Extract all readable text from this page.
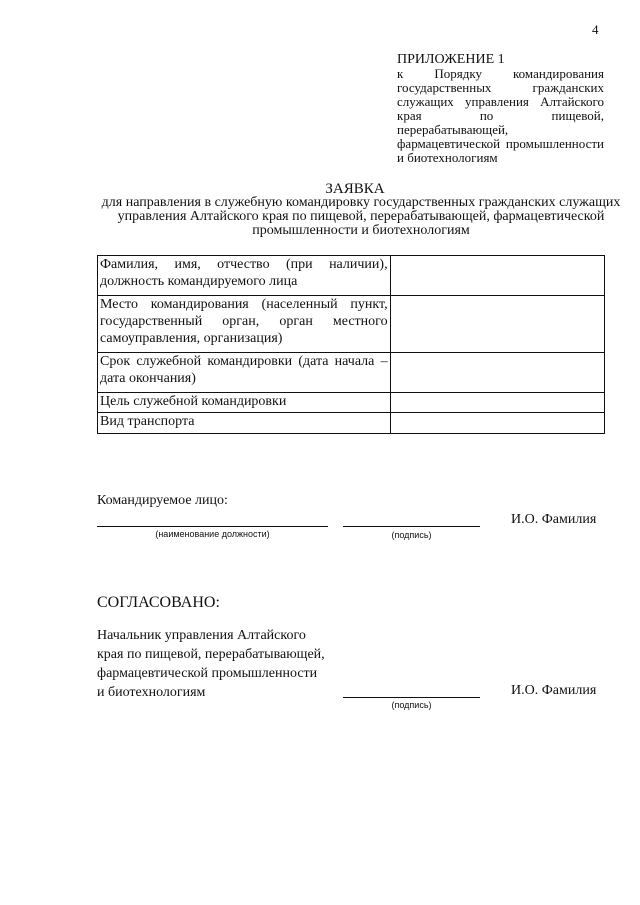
4
ПРИЛОЖЕНИЕ 1
к Порядку командирования государственных гражданских служащих управления Алтайского края по пищевой, перерабатывающей, фармацевтической промышленности и биотехнологиям
ЗАЯВКА
для направления в служебную командировку государственных гражданских служащих управления Алтайского края по пищевой, перерабатывающей, фармацевтической промышленности и биотехнологиям
Фамилия, имя, отчество (при наличии), должность командируемого лица	
Место командирования (населенный пункт, государственный орган, орган местного самоуправления, организация)	
Срок служебной командировки (дата начала – дата окончания)	
Цель служебной командировки	
Вид транспорта	
Командируемое лицо:
(наименование должности)	(подпись)
И.О. Фамилия
СОГЛАСОВАНО:
Начальник управления Алтайского края по пищевой, перерабатывающей, фармацевтической промышленности и биотехнологиям
(подпись)
И.О. Фамилия
